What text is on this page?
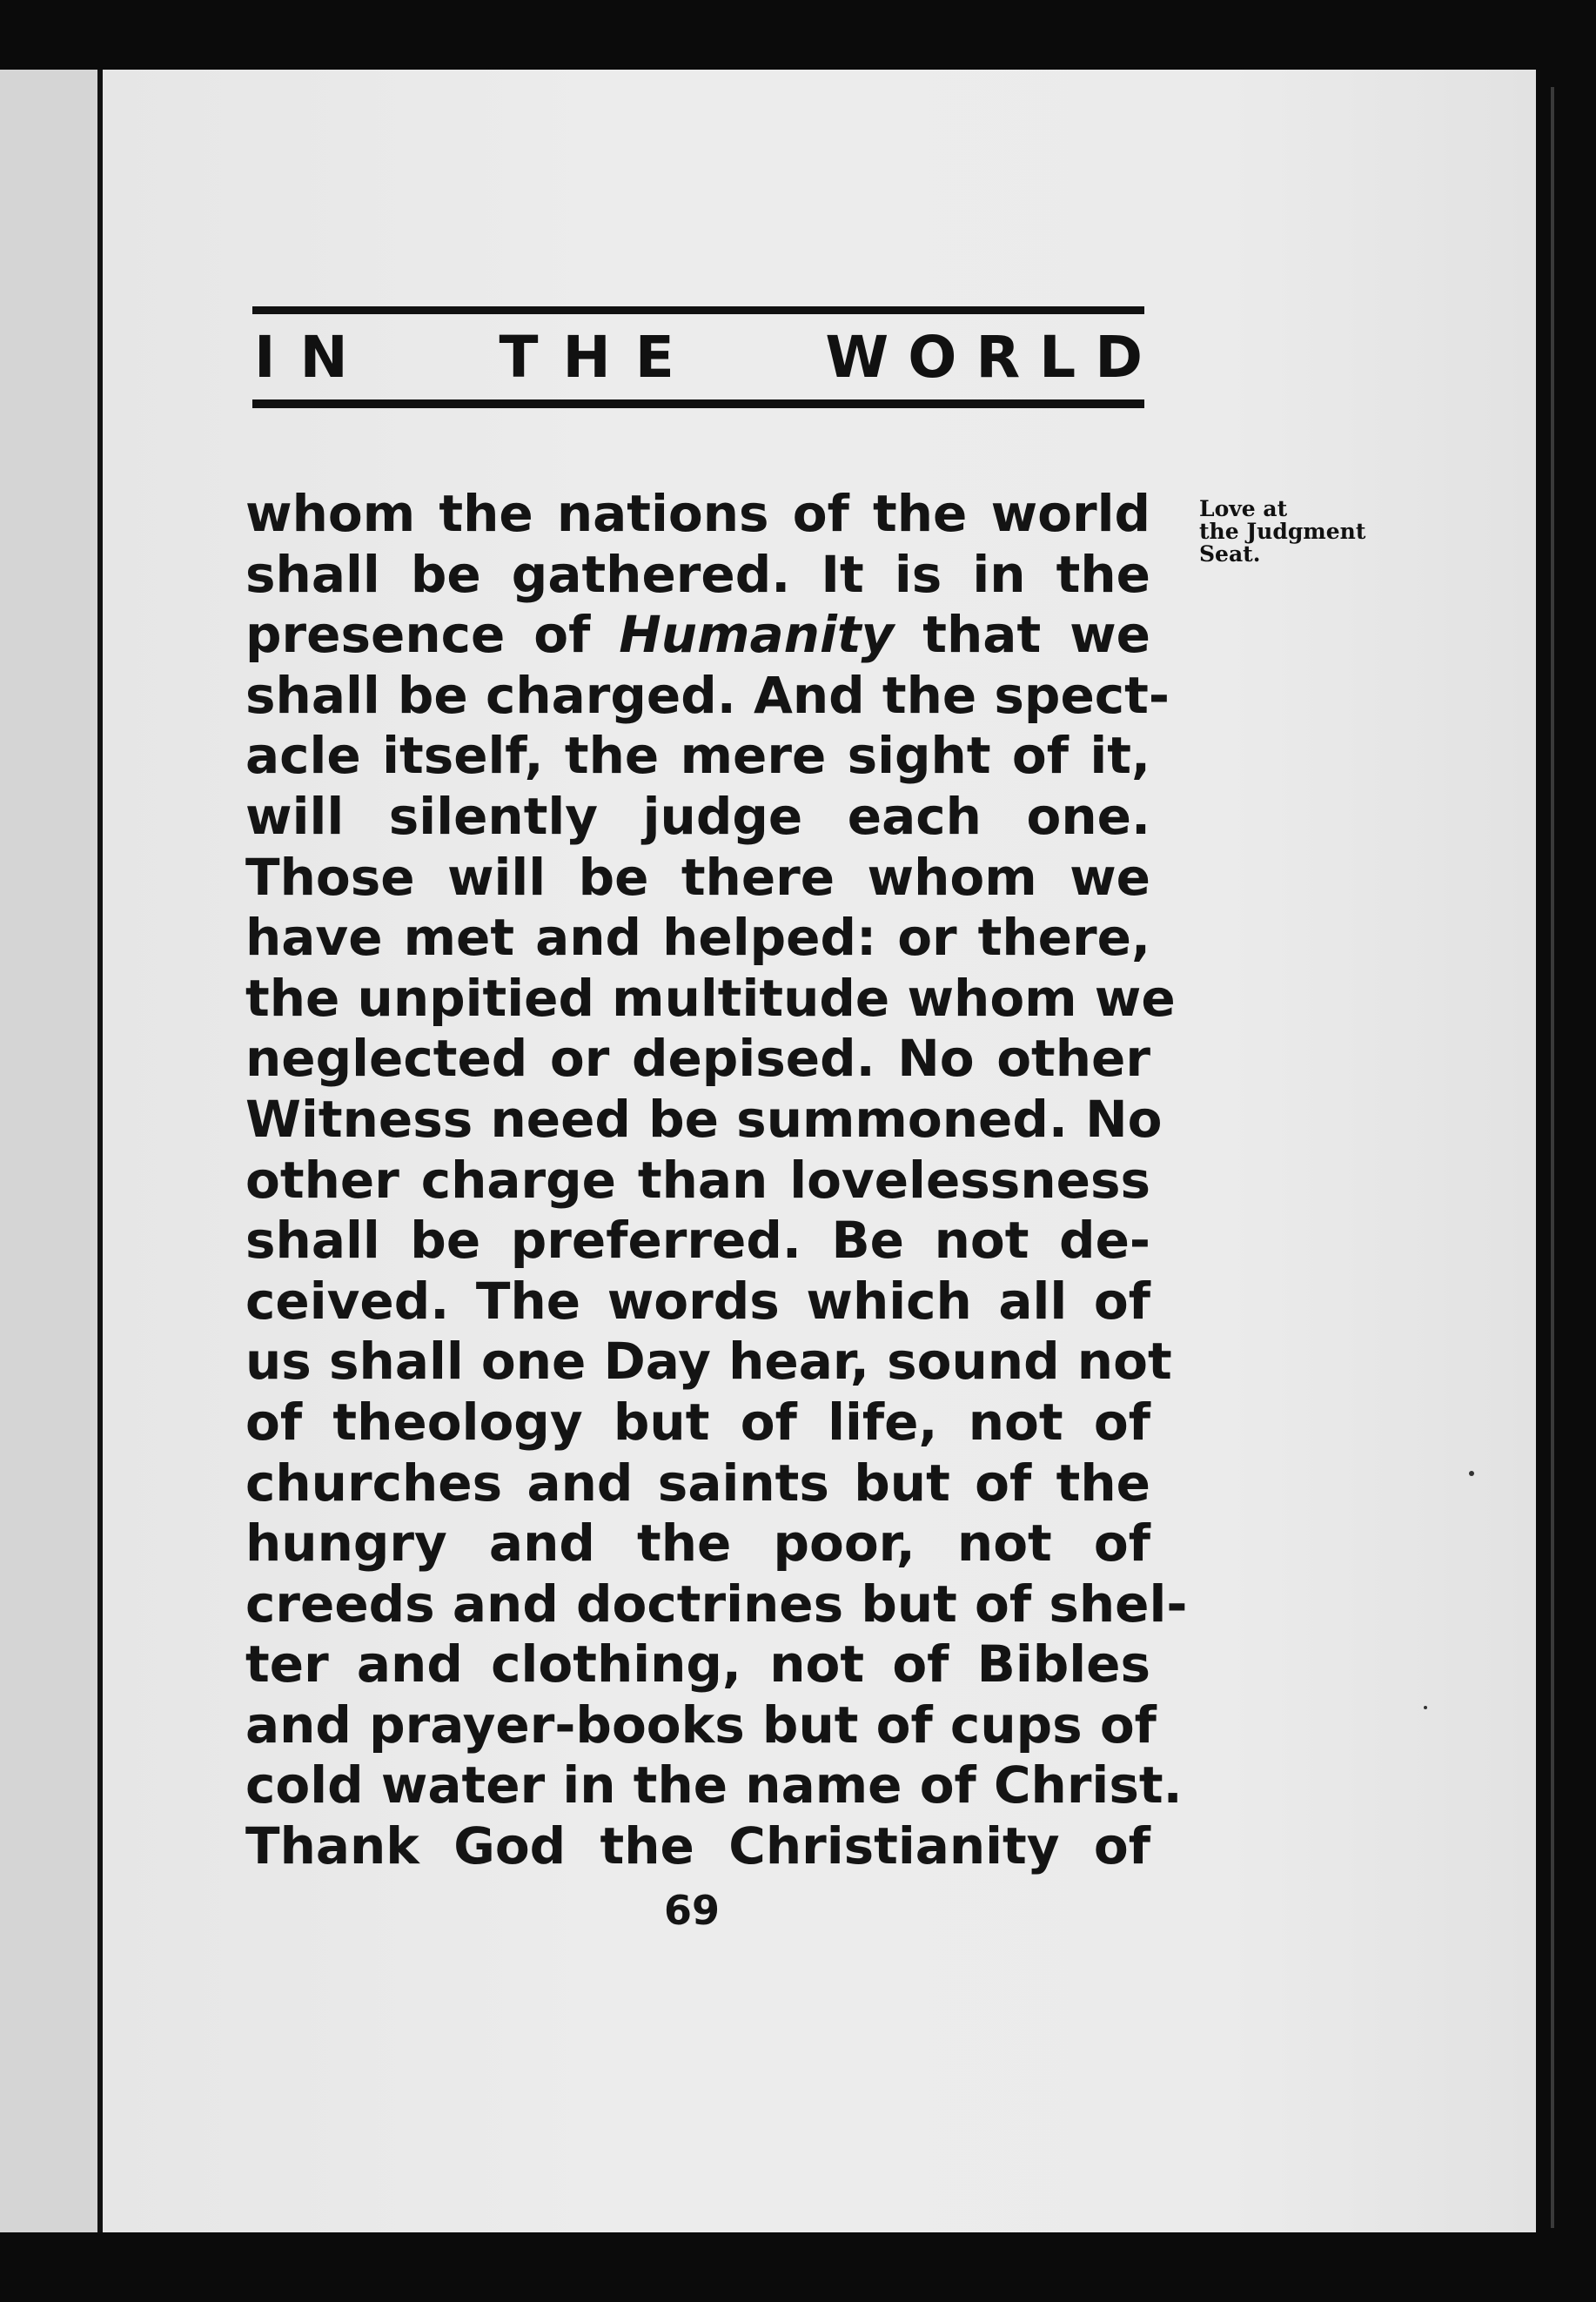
IN THE WORLD
Love at
the Judgment
Seat.
whom the nations of the world
shall be gathered. It is in the
presence of Humanity that we
shall be charged. And the spect-
acle itself, the mere sight of it,
will silently judge each one.
Those will be there whom we
have met and helped: or there,
the unpitied multitude whom we
neglected or depised. No other
Witness need be summoned. No
other charge than lovelessness
shall be preferred. Be not de-
ceived. The words which all of
us shall one Day hear, sound not
of theology but of life, not of
churches and saints but of the
hungry and the poor, not of
creeds and doctrines but of shel-
ter and clothing, not of Bibles
and prayer-books but of cups of
cold water in the name of Christ.
Thank God the Christianity of
69
